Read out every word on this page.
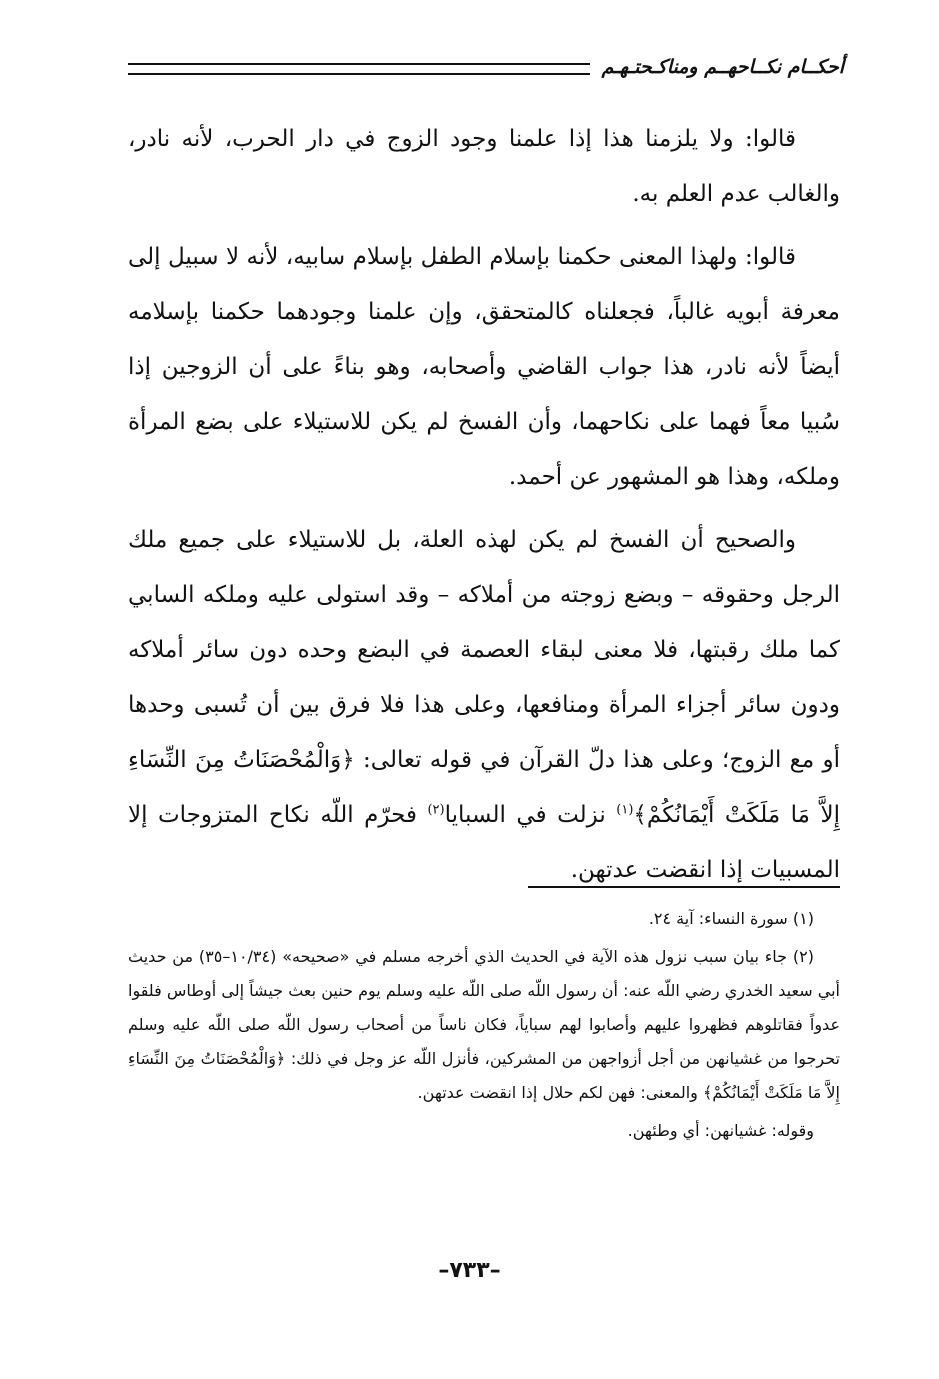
أحكــام نكــاحهــم ومناكـحتـهـم

قالوا: ولا يلزمنا هذا إذا علمنا وجود الزوج في دار الحرب، لأنه نادر، والغالب عدم العلم به.

قالوا: ولهذا المعنى حكمنا بإسلام الطفل بإسلام سابيه، لأنه لا سبيل إلى معرفة أبويه غالباً، فجعلناه كالمتحقق، وإن علمنا وجودهما حكمنا بإسلامه أيضاً لأنه نادر، هذا جواب القاضي وأصحابه، وهو بناءً على أن الزوجين إذا سُبيا معاً فهما على نكاحهما، وأن الفسخ لم يكن للاستيلاء على بضع المرأة وملكه، وهذا هو المشهور عن أحمد.

والصحيح أن الفسخ لم يكن لهذه العلة، بل للاستيلاء على جميع ملك الرجل وحقوقه – وبضع زوجته من أملاكه – وقد استولى عليه وملكه السابي كما ملك رقبتها، فلا معنى لبقاء العصمة في البضع وحده دون سائر أملاكه ودون سائر أجزاء المرأة ومنافعها، وعلى هذا فلا فرق بين أن تُسبى وحدها أو مع الزوج؛ وعلى هذا دلّ القرآن في قوله تعالى: ﴿وَالْمُحْصَنَاتُ مِنَ النِّسَاءِ إِلاَّ مَا مَلَكَتْ أَيْمَانُكُمْ﴾$^{(١)}$ نزلت في السبايا$^{(٢)}$ فحرّم اللّه نكاح المتزوجات إلا المسبيات إذا انقضت عدتهن.

(١) سورة النساء: آية ٢٤.

(٢) جاء بيان سبب نزول هذه الآية في الحديث الذي أخرجه مسلم في «صحيحه» (١٠/٣٤–٣٥) من حديث أبي سعيد الخدري رضي اللّه عنه: أن رسول اللّه صلى اللّه عليه وسلم يوم حنين بعث جيشاً إلى أوطاس فلقوا عدواً فقاتلوهم فظهروا عليهم وأصابوا لهم سباياً، فكان ناساً من أصحاب رسول اللّه صلى اللّه عليه وسلم تحرجوا من غشيانهن من أجل أزواجهن من المشركين، فأنزل اللّه عز وجل في ذلك: ﴿وَالْمُحْصَنَاتُ مِنَ النِّسَاءِ إِلاَّ مَا مَلَكَتْ أَيْمَانُكُمْ﴾ والمعنى: فهن لكم حلال إذا انقضت عدتهن.

وقوله: غشيانهن: أي وطئهن.

–٧٣٣–
